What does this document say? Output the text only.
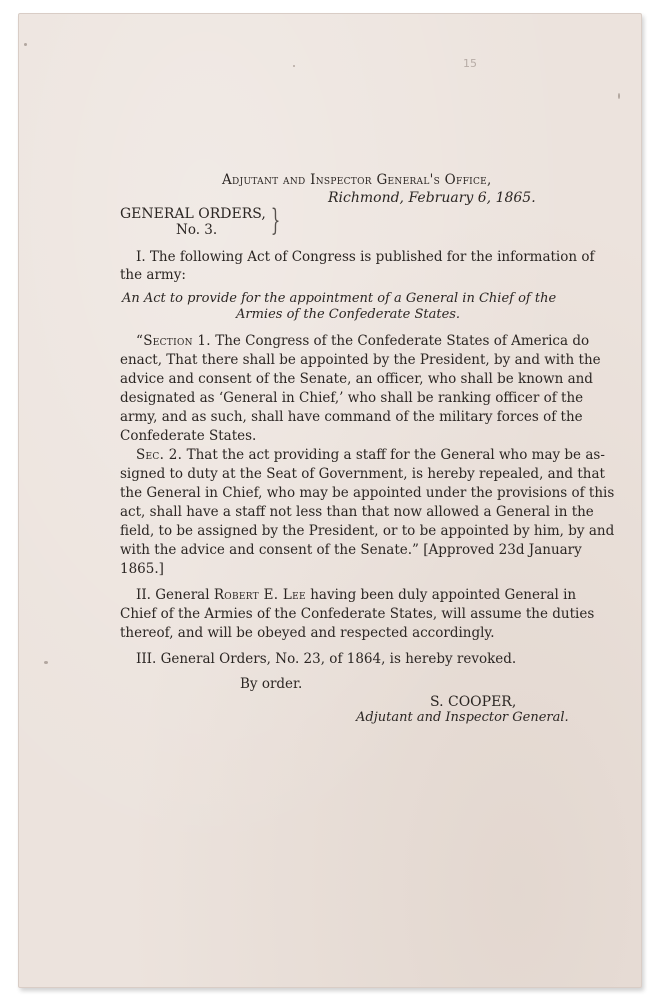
15
Adjutant and Inspector General's Office,
Richmond, February 6, 1865.
GENERAL ORDERS,
No. 3. }
I. The following Act of Congress is published for the information of
the army:
An Act to provide for the appointment of a General in Chief of the
Armies of the Confederate States.
“Section 1. The Congress of the Confederate States of America do
enact, That there shall be appointed by the President, by and with the
advice and consent of the Senate, an officer, who shall be known and
designated as ‘General in Chief,’ who shall be ranking officer of the
army, and as such, shall have command of the military forces of the
Confederate States.
Sec. 2. That the act providing a staff for the General who may be as-
signed to duty at the Seat of Government, is hereby repealed, and that
the General in Chief, who may be appointed under the provisions of this
act, shall have a staff not less than that now allowed a General in the
field, to be assigned by the President, or to be appointed by him, by and
with the advice and consent of the Senate.” [Approved 23d January
1865.]
II. General Robert E. Lee having been duly appointed General in
Chief of the Armies of the Confederate States, will assume the duties
thereof, and will be obeyed and respected accordingly.
III. General Orders, No. 23, of 1864, is hereby revoked.
By order.
S. COOPER,
Adjutant and Inspector General.
